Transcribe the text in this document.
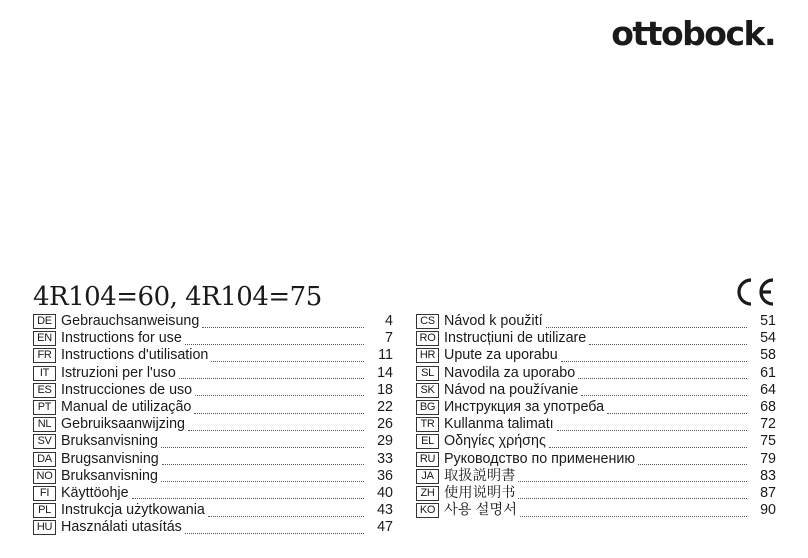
ottobock.
4R104=60, 4R104=75
DE Gebrauchsanweisung	4
EN Instructions for use	7
FR Instructions d'utilisation	11
IT Istruzioni per l'uso	14
ES Instrucciones de uso	18
PT Manual de utilização	22
NL Gebruiksaanwijzing	26
SV Bruksanvisning	29
DA Brugsanvisning	33
NO Bruksanvisning	36
FI Käyttöohje	40
PL Instrukcja użytkowania	43
HU Használati utasítás	47
CS Návod k použití	51
RO Instrucțiuni de utilizare	54
HR Upute za uporabu	58
SL Navodila za uporabo	61
SK Návod na používanie	64
BG Инструкция за употреба	68
TR Kullanma talimatı	72
EL Οδηγίες χρήσης	75
RU Руководство по применению	79
JA 取扱説明書	83
ZH 使用说明书	87
KO 사용 설명서	90
